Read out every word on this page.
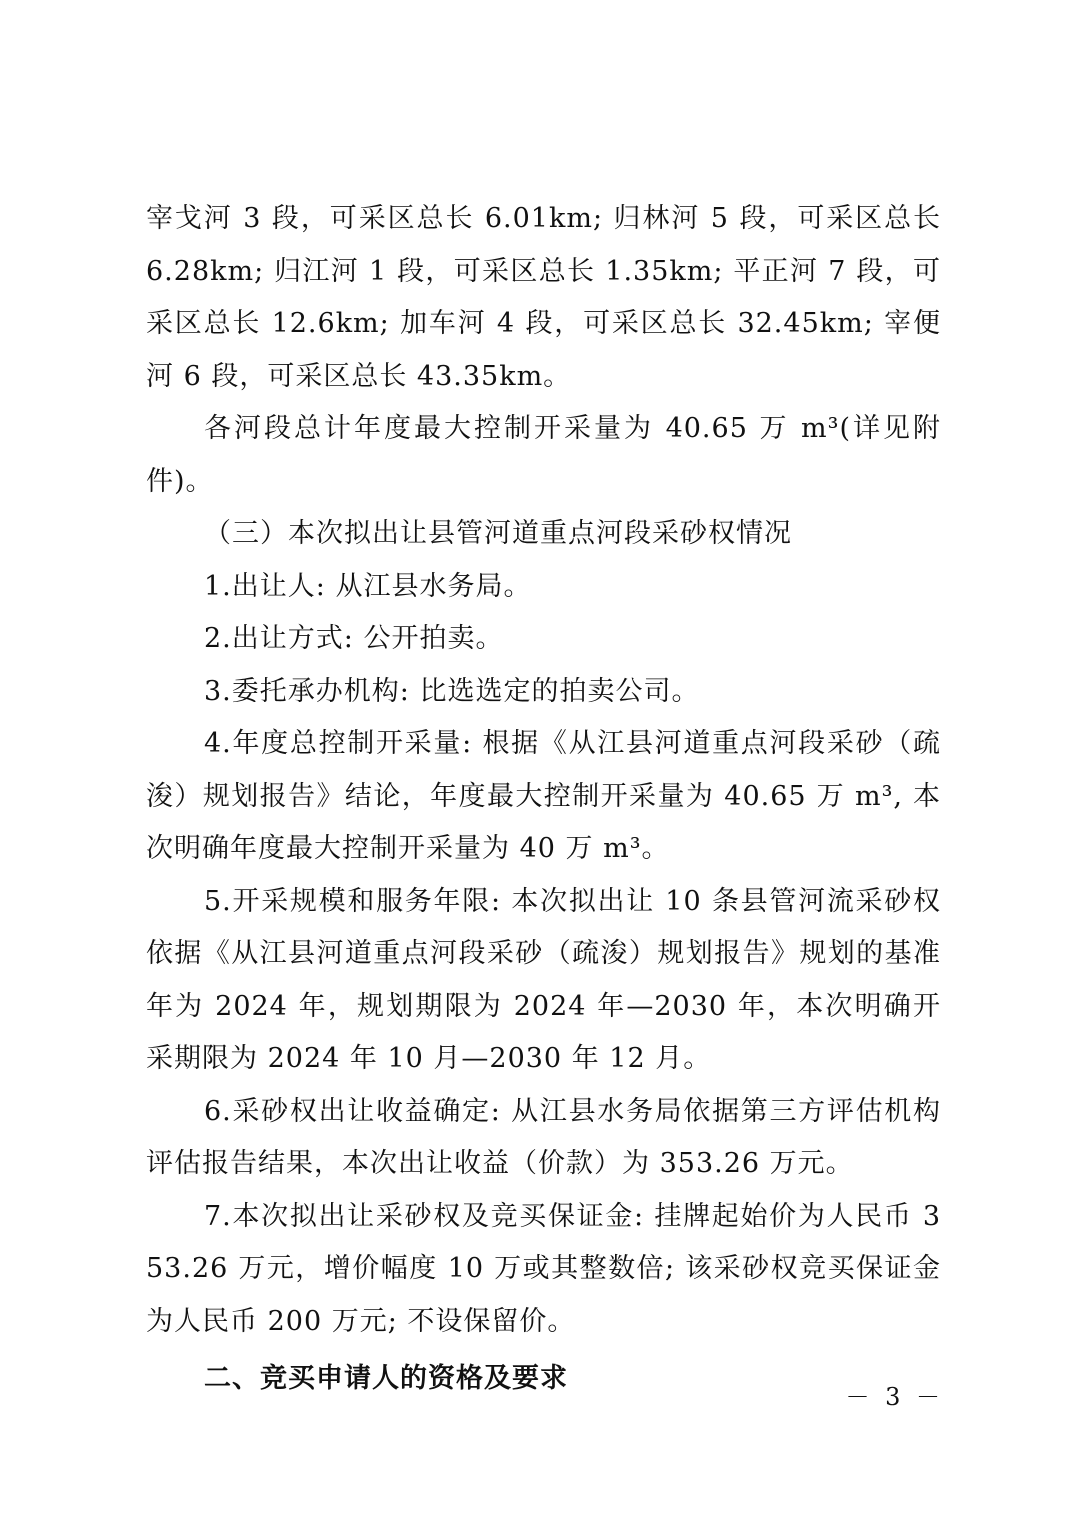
宰戈河 3 段，可采区总长 6.01km; 归林河 5 段，可采区总长 6.28km; 归江河 1 段，可采区总长 1.35km; 平正河 7 段，可采区总长 12.6km; 加车河 4 段，可采区总长 32.45km; 宰便河 6 段，可采区总长 43.35km。

各河段总计年度最大控制开采量为 40.65 万 m³(详见附件)。

（三）本次拟出让县管河道重点河段采砂权情况

1.出让人: 从江县水务局。

2.出让方式: 公开拍卖。

3.委托承办机构: 比选选定的拍卖公司。

4.年度总控制开采量: 根据《从江县河道重点河段采砂（疏浚）规划报告》结论，年度最大控制开采量为 40.65 万 m³, 本次明确年度最大控制开采量为 40 万 m³。

5.开采规模和服务年限: 本次拟出让 10 条县管河流采砂权依据《从江县河道重点河段采砂（疏浚）规划报告》规划的基准年为 2024 年，规划期限为 2024 年—2030 年，本次明确开采期限为 2024 年 10 月—2030 年 12 月。

6.采砂权出让收益确定: 从江县水务局依据第三方评估机构评估报告结果，本次出让收益（价款）为 353.26 万元。

7.本次拟出让采砂权及竞买保证金: 挂牌起始价为人民币 353.26 万元，增价幅度 10 万或其整数倍; 该采砂权竞买保证金为人民币 200 万元; 不设保留价。

二、竞买申请人的资格及要求

－ 3 －
